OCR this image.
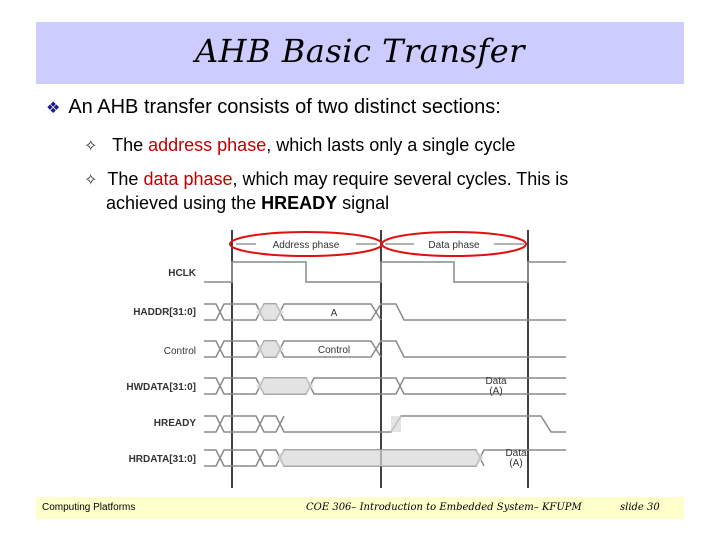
AHB Basic Transfer
❖ An AHB transfer consists of two distinct sections:
✧ The address phase, which lasts only a single cycle
✧ The data phase, which may require several cycles. This is
achieved using the HREADY signal
Address phase	Data phase
HCLK
HADDR[31:0]
Control
HWDATA[31:0]
HREADY
HRDATA[31:0]
A
Control
Data
(A)
Data
(A)
Computing Platforms	COE 306– Introduction to Embedded System– KFUPM	slide 30
